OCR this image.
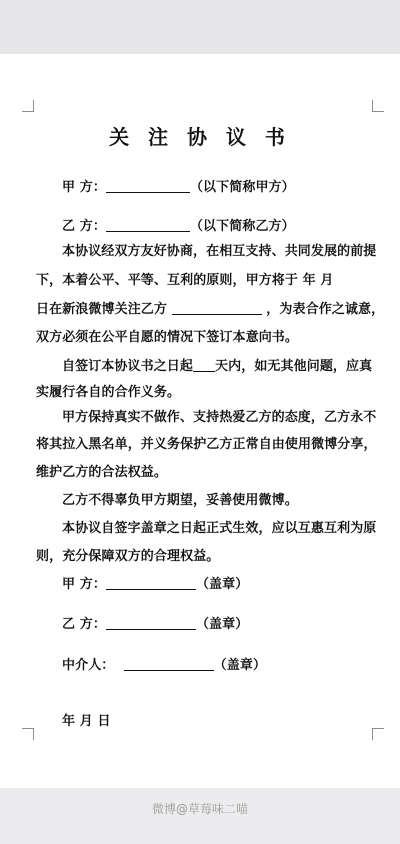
关 注 协 议 书
甲 方：	（以下简称甲方）
乙 方：	（以下简称乙方）
本协议经双方友好协商，在相互支持、共同发展的前提
下，本着公平、平等、互利的原则，甲方将于 年 月
日在新浪微博关注乙方	，为表合作之诚意，
双方必须在公平自愿的情况下签订本意向书。
自签订本协议书之日起 天内，如无其他问题，应真
实履行各自的合作义务。
甲方保持真实不做作、支持热爱乙方的态度，乙方永不
将其拉入黑名单，并义务保护乙方正常自由使用微博分享，
维护乙方的合法权益。
乙方不得辜负甲方期望，妥善使用微博。
本协议自签字盖章之日起正式生效，应以互惠互利为原
则，充分保障双方的合理权益。
甲 方：	（盖章）
乙 方：	（盖章）
中介人：	（盖章）
年 月 日
微博@草莓味二喵
